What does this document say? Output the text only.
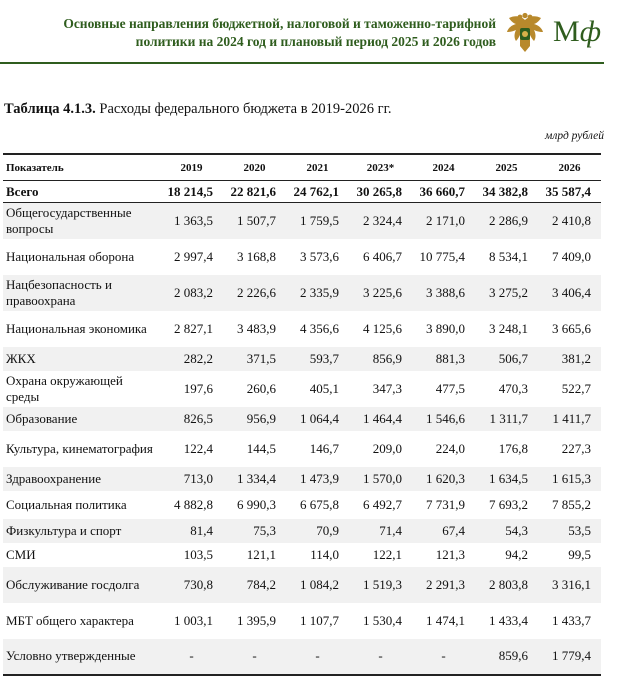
Основные направления бюджетной, налоговой и таможенно-тарифной
политики на 2024 год и плановый период 2025 и 2026 годов Мф
Таблица 4.1.3. Расходы федерального бюджета в 2019-2026 гг.
млрд рублей
Показатель	2019	2020	2021	2023*	2024	2025	2026
Всего	18 214,5	22 821,6	24 762,1	30 265,8	36 660,7	34 382,8	35 587,4
Общегосударственные вопросы	1 363,5	1 507,7	1 759,5	2 324,4	2 171,0	2 286,9	2 410,8
Национальная оборона	2 997,4	3 168,8	3 573,6	6 406,7	10 775,4	8 534,1	7 409,0
Нацбезопасность и правоохрана	2 083,2	2 226,6	2 335,9	3 225,6	3 388,6	3 275,2	3 406,4
Национальная экономика	2 827,1	3 483,9	4 356,6	4 125,6	3 890,0	3 248,1	3 665,6
ЖКХ	282,2	371,5	593,7	856,9	881,3	506,7	381,2
Охрана окружающей среды	197,6	260,6	405,1	347,3	477,5	470,3	522,7
Образование	826,5	956,9	1 064,4	1 464,4	1 546,6	1 311,7	1 411,7
Культура, кинематография	122,4	144,5	146,7	209,0	224,0	176,8	227,3
Здравоохранение	713,0	1 334,4	1 473,9	1 570,0	1 620,3	1 634,5	1 615,3
Социальная политика	4 882,8	6 990,3	6 675,8	6 492,7	7 731,9	7 693,2	7 855,2
Физкультура и спорт	81,4	75,3	70,9	71,4	67,4	54,3	53,5
СМИ	103,5	121,1	114,0	122,1	121,3	94,2	99,5
Обслуживание госдолга	730,8	784,2	1 084,2	1 519,3	2 291,3	2 803,8	3 316,1
МБТ общего характера	1 003,1	1 395,9	1 107,7	1 530,4	1 474,1	1 433,4	1 433,7
Условно утвержденные	-	-	-	-	-	859,6	1 779,4
